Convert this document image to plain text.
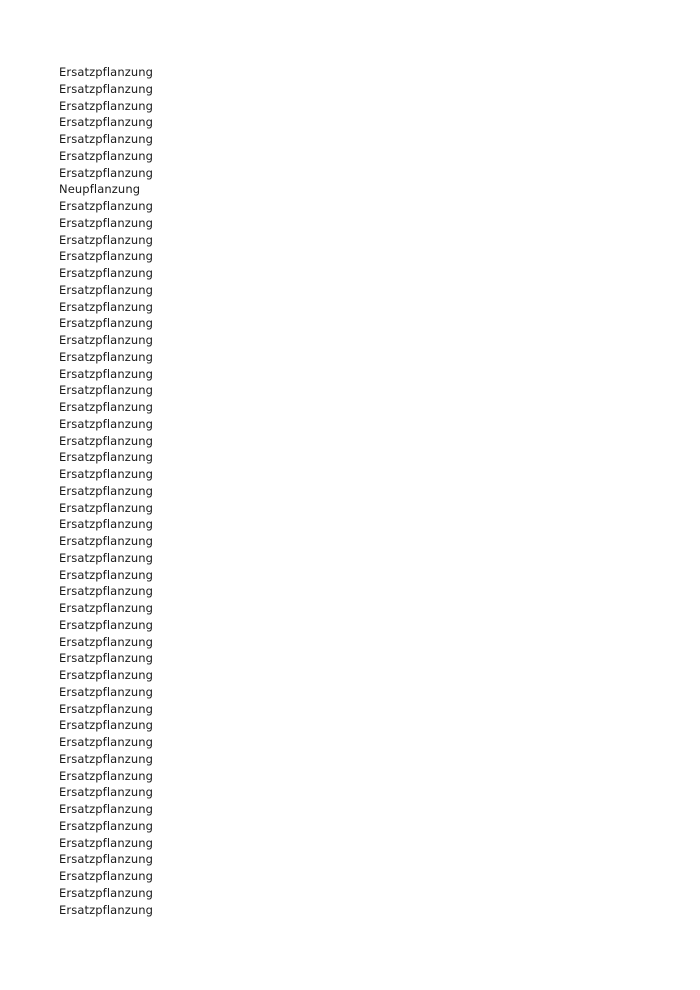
Ersatzpflanzung
Ersatzpflanzung
Ersatzpflanzung
Ersatzpflanzung
Ersatzpflanzung
Ersatzpflanzung
Ersatzpflanzung
Neupflanzung
Ersatzpflanzung
Ersatzpflanzung
Ersatzpflanzung
Ersatzpflanzung
Ersatzpflanzung
Ersatzpflanzung
Ersatzpflanzung
Ersatzpflanzung
Ersatzpflanzung
Ersatzpflanzung
Ersatzpflanzung
Ersatzpflanzung
Ersatzpflanzung
Ersatzpflanzung
Ersatzpflanzung
Ersatzpflanzung
Ersatzpflanzung
Ersatzpflanzung
Ersatzpflanzung
Ersatzpflanzung
Ersatzpflanzung
Ersatzpflanzung
Ersatzpflanzung
Ersatzpflanzung
Ersatzpflanzung
Ersatzpflanzung
Ersatzpflanzung
Ersatzpflanzung
Ersatzpflanzung
Ersatzpflanzung
Ersatzpflanzung
Ersatzpflanzung
Ersatzpflanzung
Ersatzpflanzung
Ersatzpflanzung
Ersatzpflanzung
Ersatzpflanzung
Ersatzpflanzung
Ersatzpflanzung
Ersatzpflanzung
Ersatzpflanzung
Ersatzpflanzung
Ersatzpflanzung
